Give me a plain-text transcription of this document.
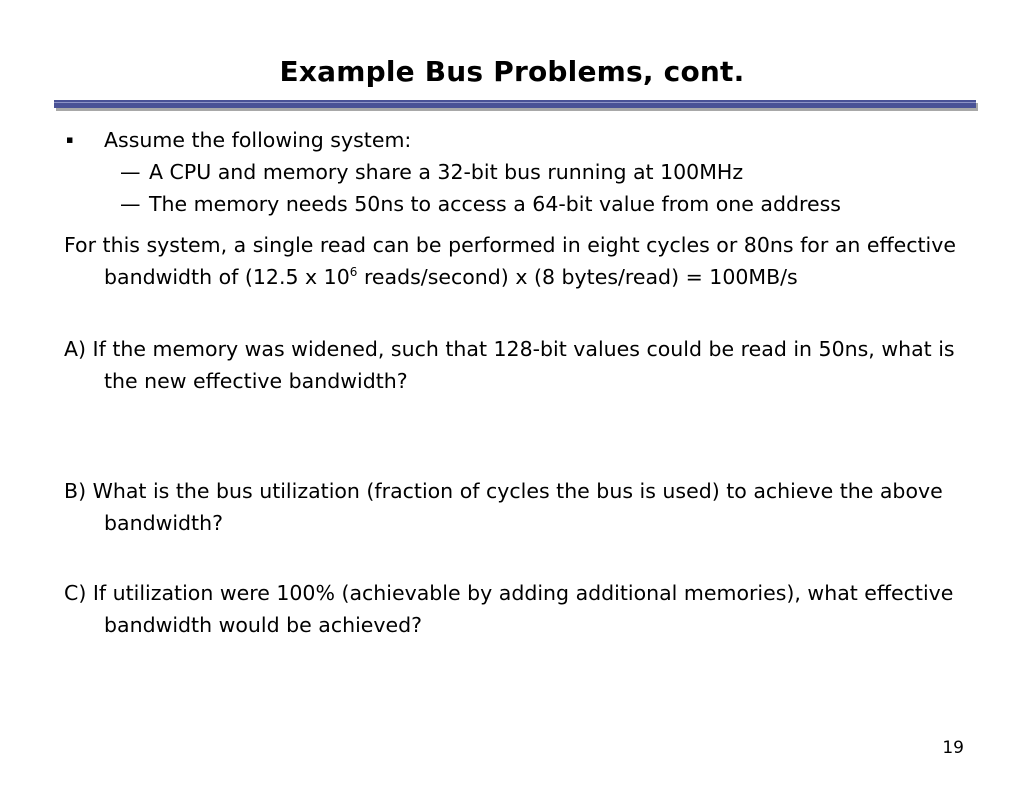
Example Bus Problems, cont.
▪ Assume the following system:
— A CPU and memory share a 32-bit bus running at 100MHz
— The memory needs 50ns to access a 64-bit value from one address
For this system, a single read can be performed in eight cycles or 80ns for an effective bandwidth of (12.5 x $10^6$ reads/second) x (8 bytes/read) = 100MB/s
A) If the memory was widened, such that 128-bit values could be read in 50ns, what is the new effective bandwidth?
B) What is the bus utilization (fraction of cycles the bus is used) to achieve the above bandwidth?
C) If utilization were 100% (achievable by adding additional memories), what effective bandwidth would be achieved?
19
